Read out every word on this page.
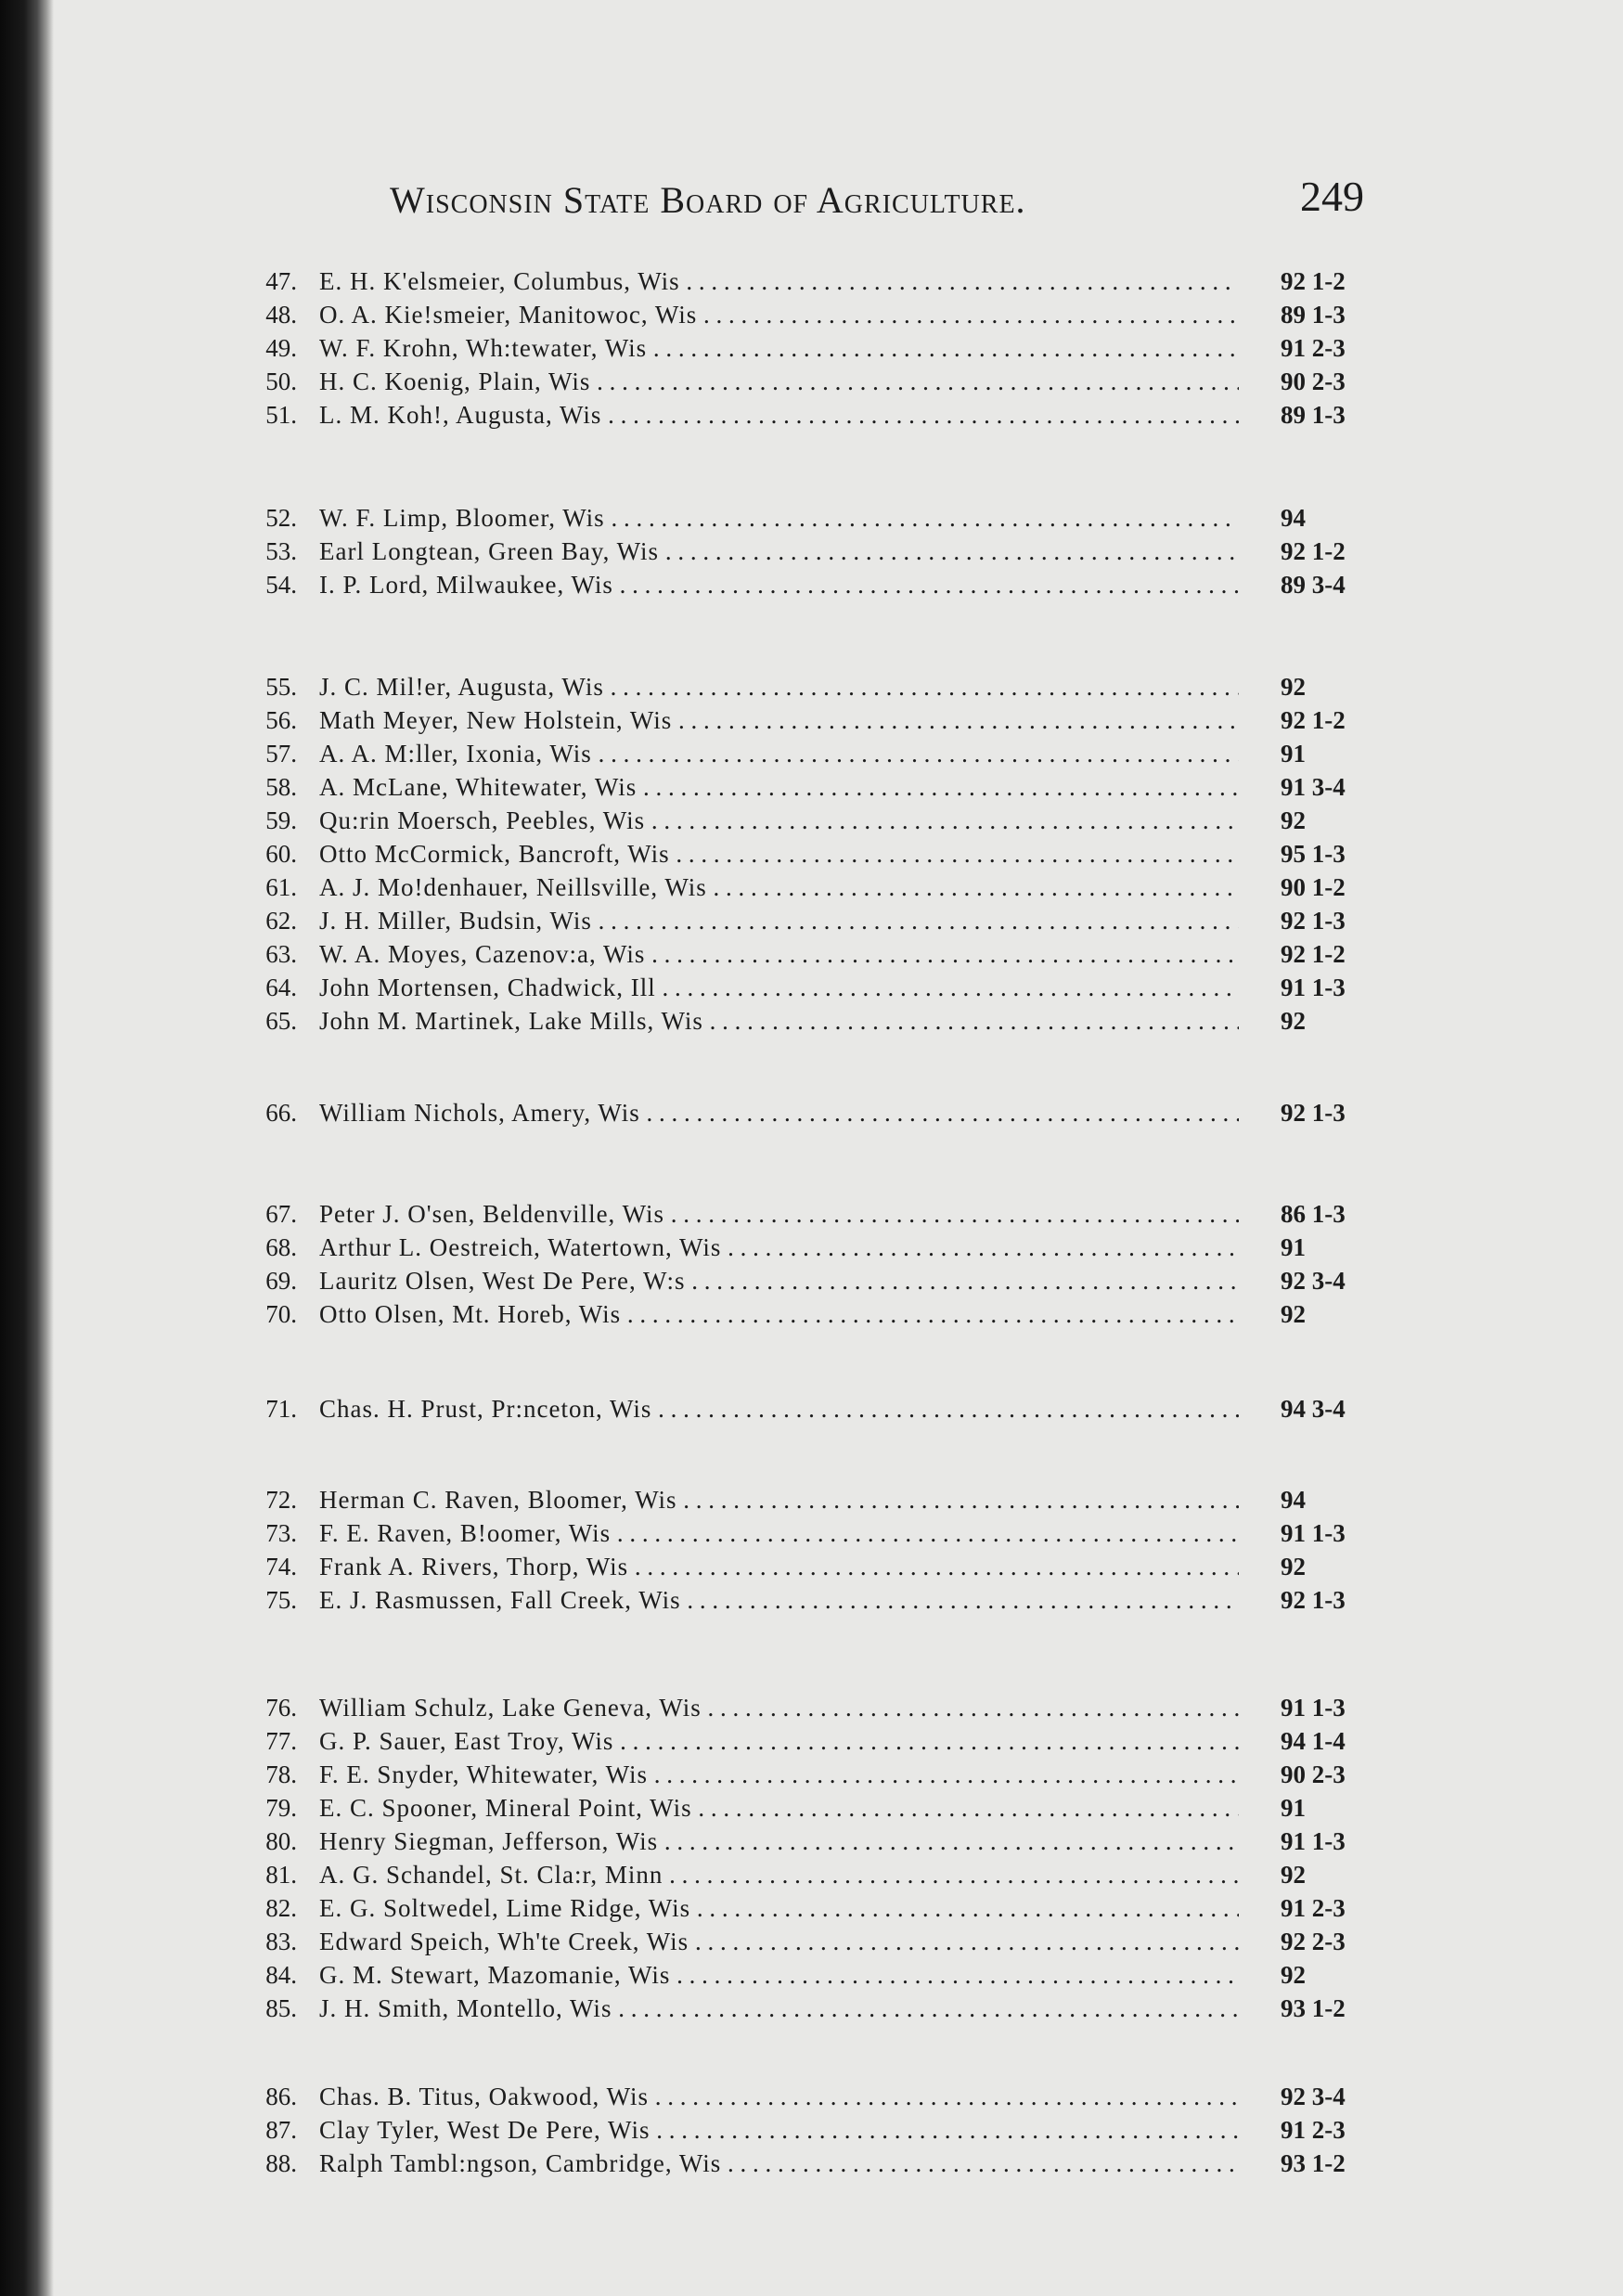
Wisconsin State Board of Agriculture.	249
47. E. H. K'elsmeier, Columbus, Wis . . .	92 1-2
48. O. A. Kie!smeier, Manitowoc, Wis . . .	89 1-3
49. W. F. Krohn, Wh:tewater, Wis . . .	91 2-3
50. H. C. Koenig, Plain, Wis . . .	90 2-3
51. L. M. Koh!, Augusta, Wis . . .	89 1-3
52. W. F. Limp, Bloomer, Wis . . .	94
53. Earl Longtean, Green Bay, Wis . . .	92 1-2
54. I. P. Lord, Milwaukee, Wis . . .	89 3-4
55. J. C. Mil!er, Augusta, Wis . . .	92
56. Math Meyer, New Holstein, Wis . . .	92 1-2
57. A. A. M:ller, Ixonia, Wis . . .	91
58. A. McLane, Whitewater, Wis . . .	91 3-4
59. Qu:rin Moersch, Peebles, Wis . . .	92
60. Otto McCormick, Bancroft, Wis . . .	95 1-3
61. A. J. Mo!denhauer, Neillsville, Wis . . .	90 1-2
62. J. H. Miller, Budsin, Wis . . .	92 1-3
63. W. A. Moyes, Cazenov:a, Wis . . .	92 1-2
64. John Mortensen, Chadwick, Ill . . .	91 1-3
65. John M. Martinek, Lake Mills, Wis . . .	92
66. William Nichols, Amery, Wis . . .	92 1-3
67. Peter J. O'sen, Beldenville, Wis . . .	86 1-3
68. Arthur L. Oestreich, Watertown, Wis . . .	91
69. Lauritz Olsen, West De Pere, W:s . . .	92 3-4
70. Otto Olsen, Mt. Horeb, Wis . . .	92
71. Chas. H. Prust, Pr:nceton, Wis . . .	94 3-4
72. Herman C. Raven, Bloomer, Wis . . .	94
73. F. E. Raven, B!oomer, Wis . . .	91 1-3
74. Frank A. Rivers, Thorp, Wis . . .	92
75. E. J. Rasmussen, Fall Creek, Wis . . .	92 1-3
76. William Schulz, Lake Geneva, Wis . . .	91 1-3
77. G. P. Sauer, East Troy, Wis . . .	94 1-4
78. F. E. Snyder, Whitewater, Wis . . .	90 2-3
79. E. C. Spooner, Mineral Point, Wis . . .	91
80. Henry Siegman, Jefferson, Wis . . .	91 1-3
81. A. G. Schandel, St. Cla:r, Minn . . .	92
82. E. G. Soltwedel, Lime Ridge, Wis . . .	91 2-3
83. Edward Speich, Wh'te Creek, Wis . . .	92 2-3
84. G. M. Stewart, Mazomanie, Wis . . .	92
85. J. H. Smith, Montello, Wis . . .	93 1-2
86. Chas. B. Titus, Oakwood, Wis . . .	92 3-4
87. Clay Tyler, West De Pere, Wis . . .	91 2-3
88. Ralph Tambl:ngson, Cambridge, Wis . . .	93 1-2
